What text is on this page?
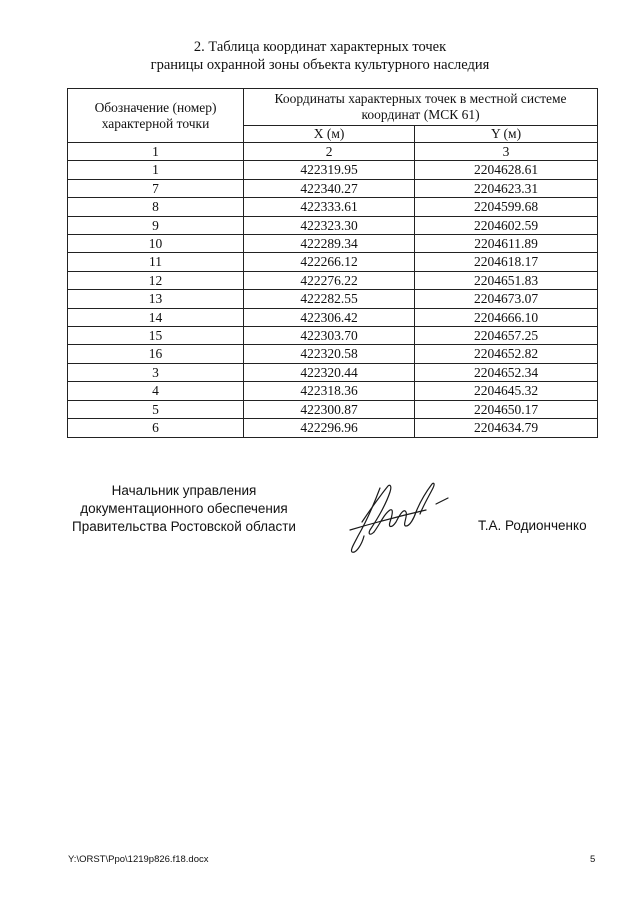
2. Таблица координат характерных точек
границы охранной зоны объекта культурного наследия
Обозначение (номер) характерной точки	Координаты характерных точек в местной системе координат (МСК 61)	
	X (м)	Y (м)
1	2	3
1	422319.95	2204628.61
7	422340.27	2204623.31
8	422333.61	2204599.68
9	422323.30	2204602.59
10	422289.34	2204611.89
11	422266.12	2204618.17
12	422276.22	2204651.83
13	422282.55	2204673.07
14	422306.42	2204666.10
15	422303.70	2204657.25
16	422320.58	2204652.82
3	422320.44	2204652.34
4	422318.36	2204645.32
5	422300.87	2204650.17
6	422296.96	2204634.79
Начальник управления
документационного обеспечения
Правительства Ростовской области	Т.А. Родионченко
Y:\ORST\Ppo\1219p826.f18.docx	5
